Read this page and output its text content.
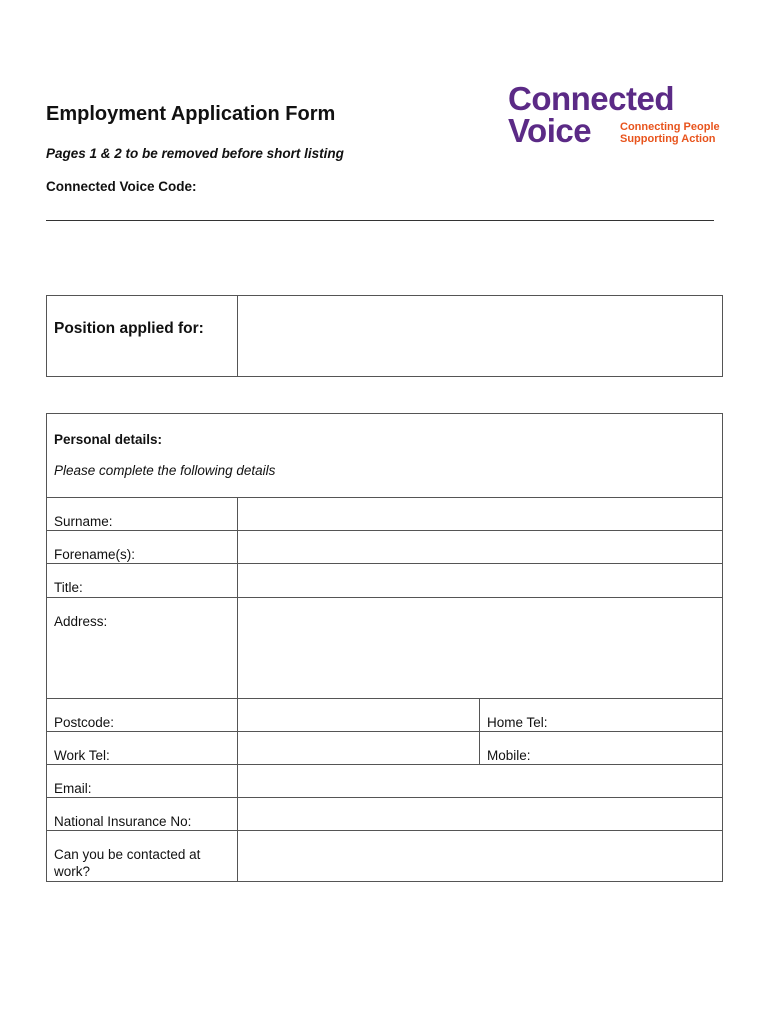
Employment Application Form
Pages 1 & 2 to be removed before short listing
Connected Voice Code:
Connected
Voice	Connecting People
Supporting Action
Position applied for:	
Personal details:
Please complete the following details		

Surname:		
Forename(s):		
Title:		
Address:		
Postcode:		Home Tel:
Work Tel:		Mobile:
Email:		
National Insurance No:		
Can you be contacted at work?		
